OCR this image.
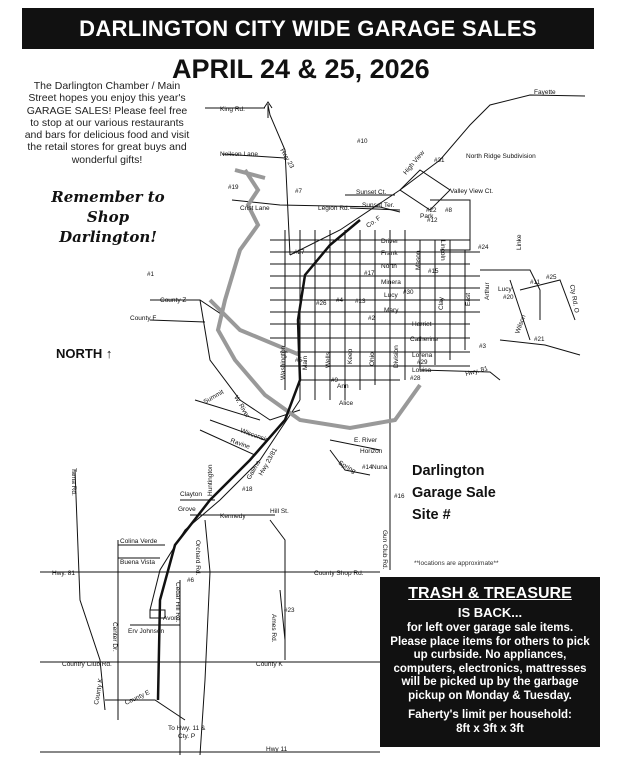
DARLINGTON CITY WIDE GARAGE SALES
APRIL 24 & 25, 2026
The Darlington Chamber / Main Street hopes you enjoy this year's GARAGE SALES! Please feel free to stop at our various restaurants and bars for delicious food and visit the retail stores for great buys and wonderful gifts!
Remember to Shop
Darlington!
NORTH ↑
Fayette
King Rd.
Neilson Lane	Hwy 23
Crist Lane	Legion Rd.
County Z
County F
Sunset Ct.
Sunset Ter.
High View	North Ridge Subdivision
Valley View Ct.
Park
Co. F
Driver
Frank
North
Minera
Lucy
Mary
Harriet
Catherine
Lorena
Louisa
Ann
Alice
Hwy. 81
E. River
Horizon
Spring Nuna
Summit W. River
Wisconsin
Ravine
Galena
Hwy 23/81
Clayton Huntington
Grove
Kennedy
Hill St.
Tama Rd.
Colina Verde
Buena Vista	Orchard Rd.
Hwy. 81	County Shop Rd.
Cedar Hill Rd.
Center Dr. Erv Johnson
Avon
Country Club Rd.	County K
County K	County E
To Hwy. 11 &
Cty. P
Hwy 11
Cty Rd. O
Wilson
Arthur Lucy
Gun Club Rd.
Ames Rd.
Washington Main Wells Keep Ohio	Division
Clay	East
Mason	Lincoln	Linke
#1
#2
#3
#4
#5
#6
#7
#8
#9
#10
#11
#12
#13
#14
#15
#16
#17
#18
#19
#20
#21
#22
#23
#24
#25
#26
#27
#28
#29
#30
#31
Darlington
Garage Sale
Site #
**locations are approximate**
TRASH & TREASURE
IS BACK...
for left over garage sale items. Please place items for others to pick up curbside. No appliances, computers, electronics, mattresses will be picked up by the garbage pickup on Monday & Tuesday.
Faherty's limit per household:
8ft x 3ft x 3ft
